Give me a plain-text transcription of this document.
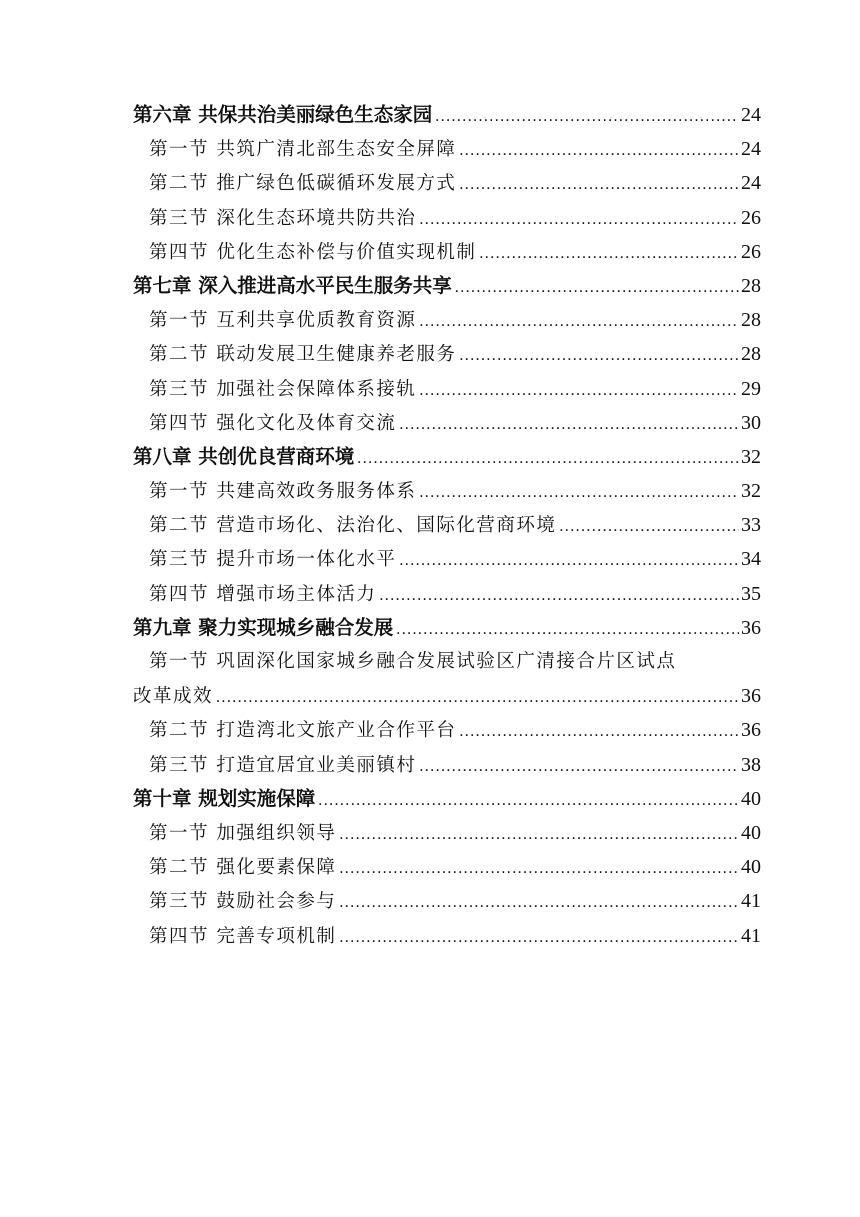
第六章 共保共治美丽绿色生态家园 . . .	24
第一节 共筑广清北部生态安全屏障 . . .	24
第二节 推广绿色低碳循环发展方式 . . .	24
第三节 深化生态环境共防共治 . . .	26
第四节 优化生态补偿与价值实现机制 . . .	26
第七章 深入推进高水平民生服务共享 . . .	28
第一节 互利共享优质教育资源 . . .	28
第二节 联动发展卫生健康养老服务 . . .	28
第三节 加强社会保障体系接轨 . . .	29
第四节 强化文化及体育交流 . . .	30
第八章 共创优良营商环境 . . .	32
第一节 共建高效政务服务体系 . . .	32
第二节 营造市场化、法治化、国际化营商环境 . . .	33
第三节 提升市场一体化水平 . . .	34
第四节 增强市场主体活力 . . .	35
第九章 聚力实现城乡融合发展 . . .	36
第一节 巩固深化国家城乡融合发展试验区广清接合片区试点
改革成效 . . .	36
第二节 打造湾北文旅产业合作平台 . . .	36
第三节 打造宜居宜业美丽镇村 . . .	38
第十章 规划实施保障 . . .	40
第一节 加强组织领导 . . .	40
第二节 强化要素保障 . . .	40
第三节 鼓励社会参与 . . .	41
第四节 完善专项机制 . . .	41
